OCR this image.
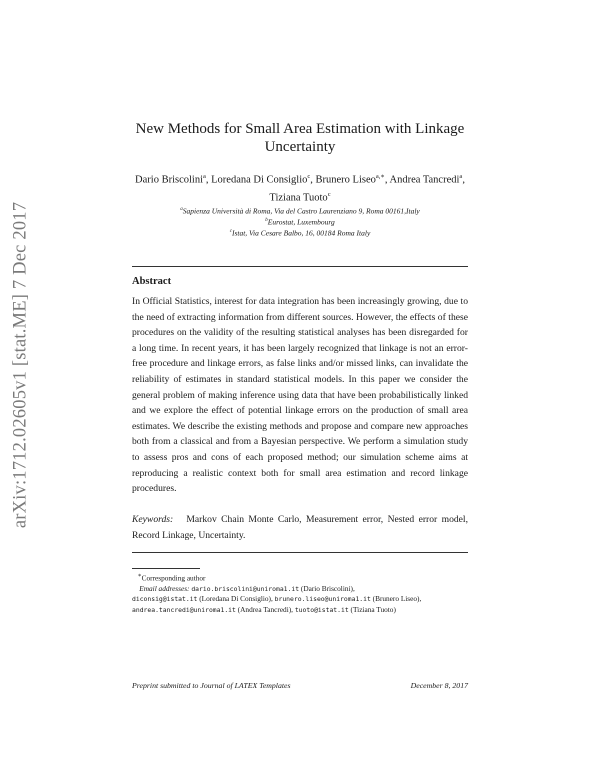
arXiv:1712.02605v1 [stat.ME] 7 Dec 2017
New Methods for Small Area Estimation with Linkage Uncertainty
Dario Briscolini$^a$, Loredana Di Consiglio$^c$, Brunero Liseo$^{a,∗}$, Andrea Tancredi$^a$,
Tiziana Tuoto$^c$
$^a$Sapienza Università di Roma, Via del Castro Laurenziano 9, Roma 00161,Italy
$^b$Eurostat, Luxembourg
$^c$Istat, Via Cesare Balbo, 16, 00184 Roma Italy
Abstract
In Official Statistics, interest for data integration has been increasingly growing, due to the need of extracting information from different sources. However, the effects of these procedures on the validity of the resulting statistical analyses has been disregarded for a long time. In recent years, it has been largely recognized that linkage is not an error-free procedure and linkage errors, as false links and/or missed links, can invalidate the reliability of estimates in standard statistical models. In this paper we consider the general problem of making inference using data that have been probabilistically linked and we explore the effect of potential linkage errors on the production of small area estimates. We describe the existing methods and propose and compare new approaches both from a classical and from a Bayesian perspective. We perform a simulation study to assess pros and cons of each proposed method; our simulation scheme aims at reproducing a realistic context both for small area estimation and record linkage procedures.
Keywords: Markov Chain Monte Carlo, Measurement error, Nested error model, Record Linkage, Uncertainty.

∗Corresponding author

Email addresses: dario.briscolini@uniroma1.it (Dario Briscolini),
diconsig@istat.it (Loredana Di Consiglio), brunero.liseo@uniroma1.it (Brunero Liseo),
andrea.tancredi@uniroma1.it (Andrea Tancredi), tuoto@istat.it (Tiziana Tuoto)

Preprint submitted to Journal of LATEX Templates	December 8, 2017
